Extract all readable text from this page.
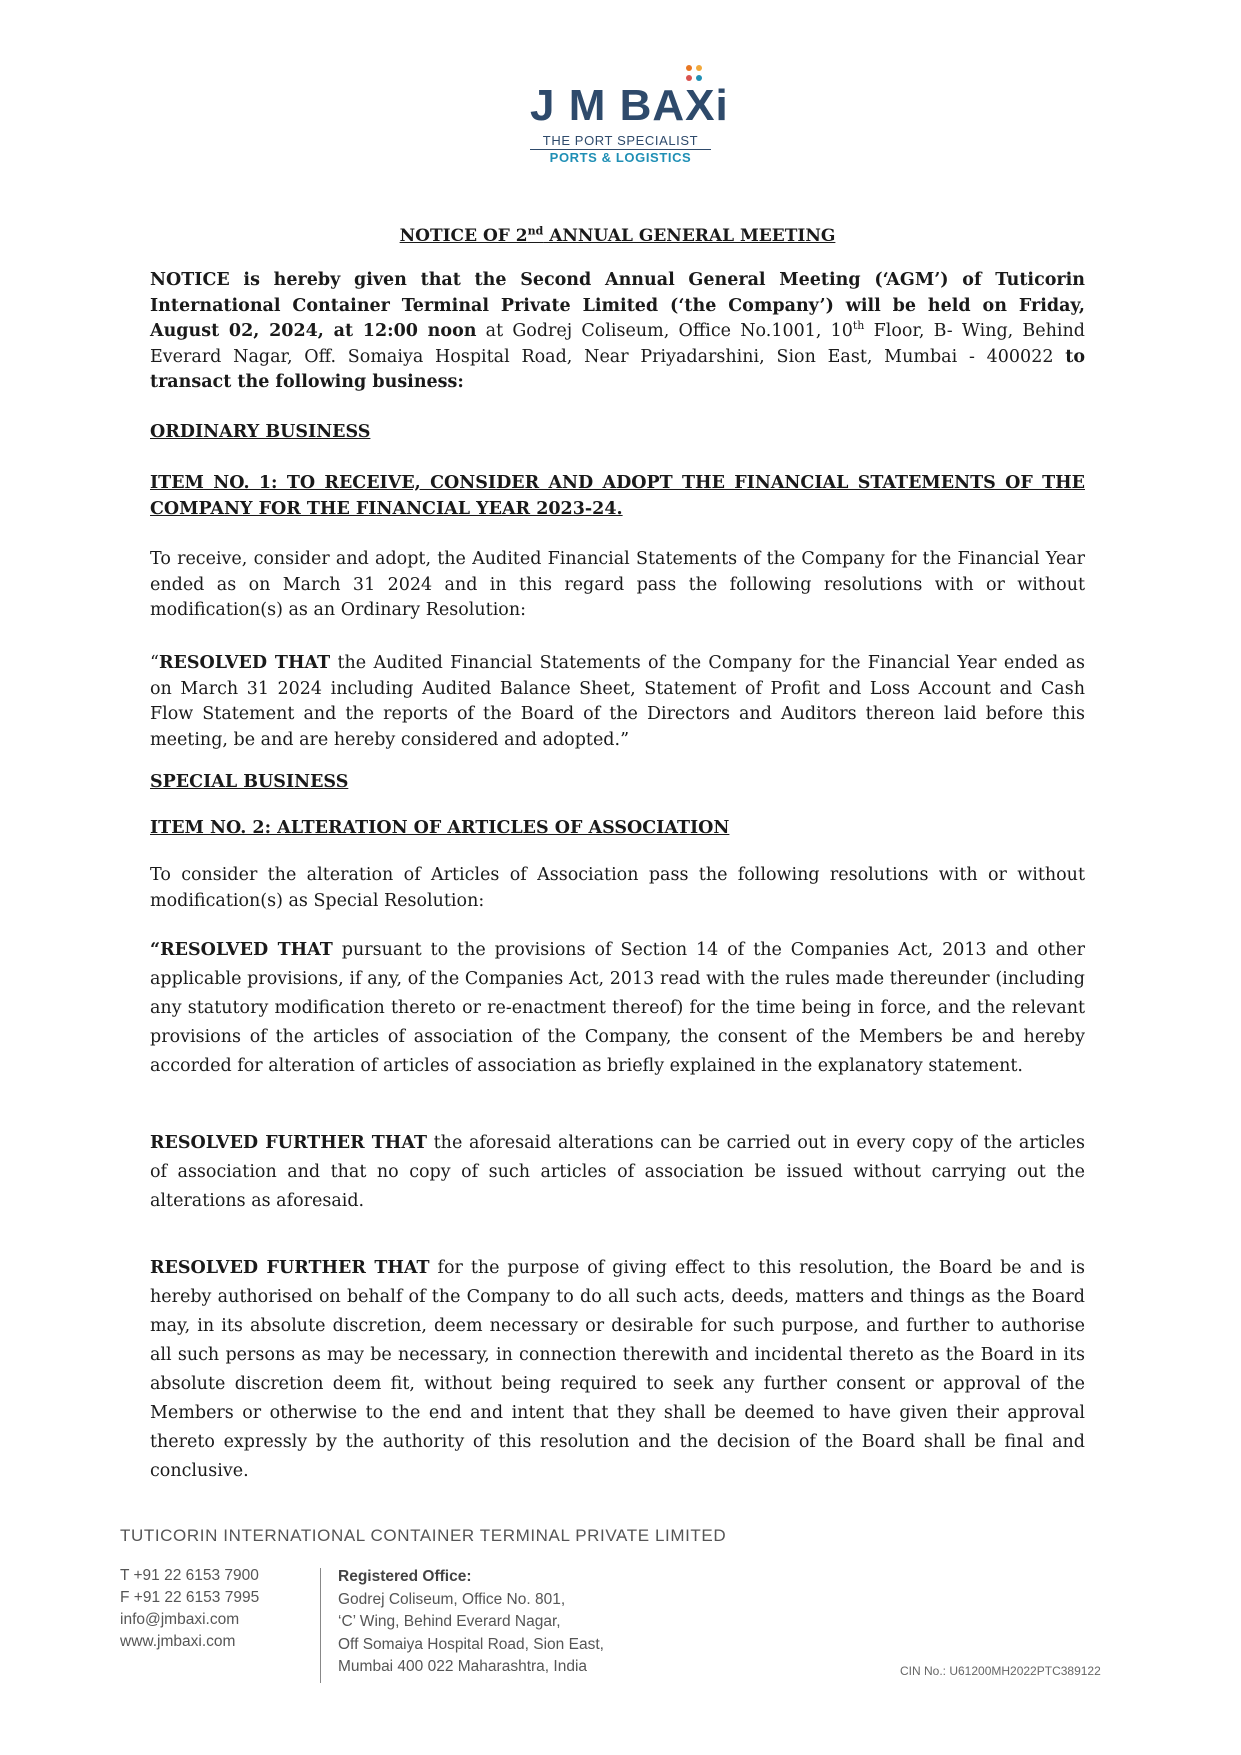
J M BAXi
THE PORT SPECIALIST
PORTS & LOGISTICS
NOTICE OF 2nd ANNUAL GENERAL MEETING
NOTICE is hereby given that the Second Annual General Meeting (‘AGM’) of Tuticorin International Container Terminal Private Limited (‘the Company’) will be held on Friday, August 02, 2024, at 12:00 noon at Godrej Coliseum, Office No.1001, 10th Floor, B- Wing, Behind Everard Nagar, Off. Somaiya Hospital Road, Near Priyadarshini, Sion East, Mumbai - 400022 to transact the following business:
ORDINARY BUSINESS
ITEM NO. 1: TO RECEIVE, CONSIDER AND ADOPT THE FINANCIAL STATEMENTS OF THE COMPANY FOR THE FINANCIAL YEAR 2023-24.
To receive, consider and adopt, the Audited Financial Statements of the Company for the Financial Year ended as on March 31 2024 and in this regard pass the following resolutions with or without modification(s) as an Ordinary Resolution:
“RESOLVED THAT the Audited Financial Statements of the Company for the Financial Year ended as on March 31 2024 including Audited Balance Sheet, Statement of Profit and Loss Account and Cash Flow Statement and the reports of the Board of the Directors and Auditors thereon laid before this meeting, be and are hereby considered and adopted.”
SPECIAL BUSINESS
ITEM NO. 2: ALTERATION OF ARTICLES OF ASSOCIATION
To consider the alteration of Articles of Association pass the following resolutions with or without modification(s) as Special Resolution:
“RESOLVED THAT pursuant to the provisions of Section 14 of the Companies Act, 2013 and other applicable provisions, if any, of the Companies Act, 2013 read with the rules made thereunder (including any statutory modification thereto or re-enactment thereof) for the time being in force, and the relevant provisions of the articles of association of the Company, the consent of the Members be and hereby accorded for alteration of articles of association as briefly explained in the explanatory statement.
RESOLVED FURTHER THAT the aforesaid alterations can be carried out in every copy of the articles of association and that no copy of such articles of association be issued without carrying out the alterations as aforesaid.
RESOLVED FURTHER THAT for the purpose of giving effect to this resolution, the Board be and is hereby authorised on behalf of the Company to do all such acts, deeds, matters and things as the Board may, in its absolute discretion, deem necessary or desirable for such purpose, and further to authorise all such persons as may be necessary, in connection therewith and incidental thereto as the Board in its absolute discretion deem fit, without being required to seek any further consent or approval of the Members or otherwise to the end and intent that they shall be deemed to have given their approval thereto expressly by the authority of this resolution and the decision of the Board shall be final and conclusive.
TUTICORIN INTERNATIONAL CONTAINER TERMINAL PRIVATE LIMITED
T +91 22 6153 7900
F +91 22 6153 7995
info@jmbaxi.com
www.jmbaxi.com
Registered Office:
Godrej Coliseum, Office No. 801,
‘C’ Wing, Behind Everard Nagar,
Off Somaiya Hospital Road, Sion East,
Mumbai 400 022 Maharashtra, India	CIN No.: U61200MH2022PTC389122
